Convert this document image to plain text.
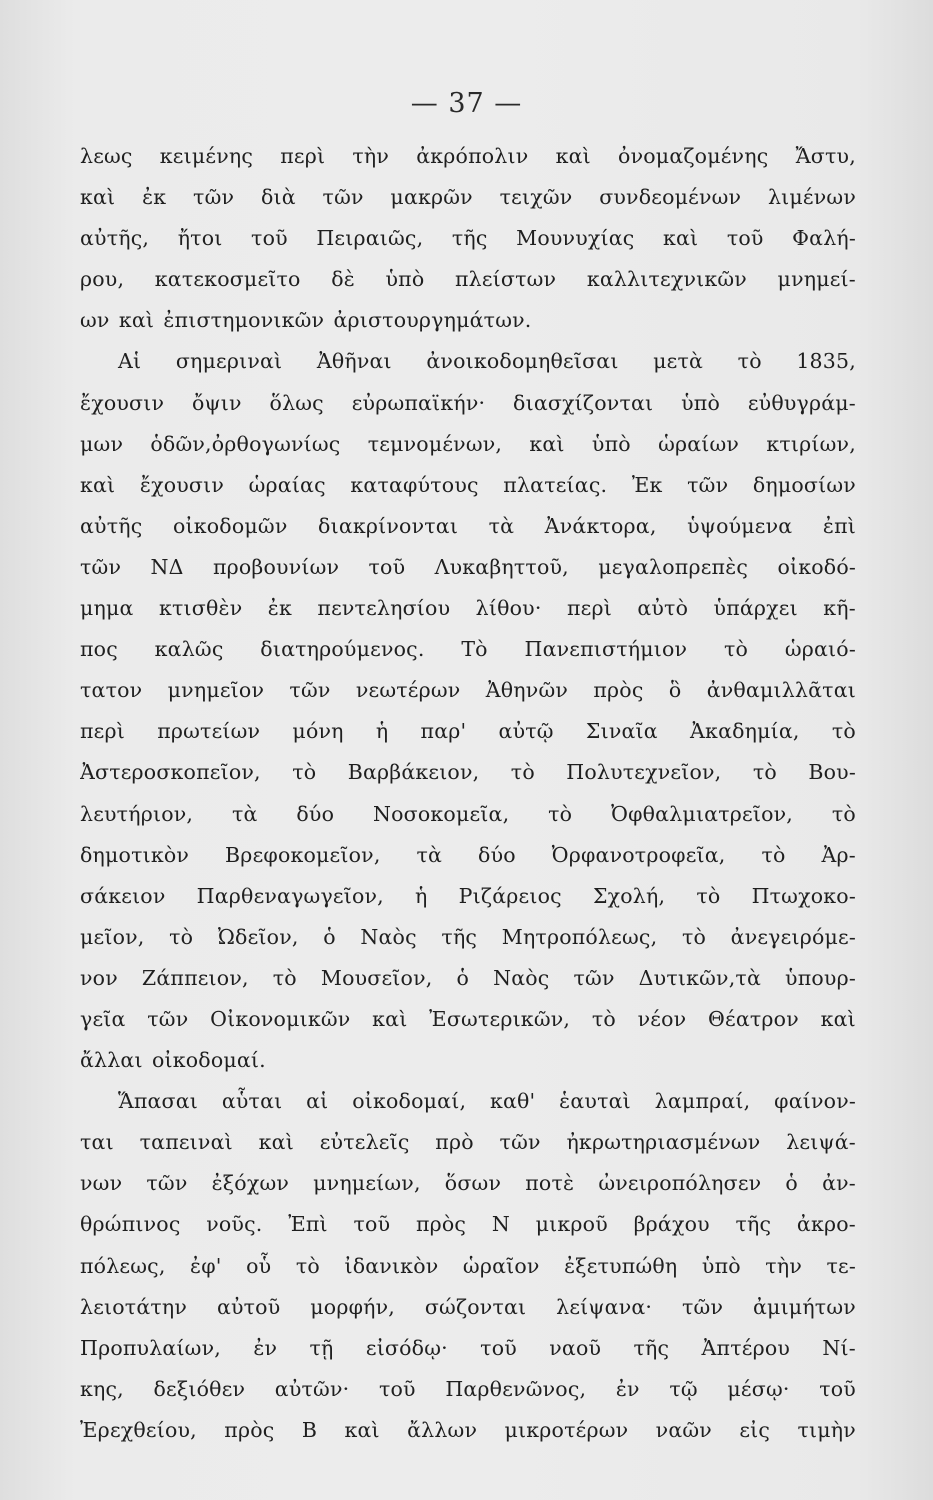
— 37 —
λεως κειμένης περὶ τὴν ἀκρόπολιν καὶ ὀνομαζομένης Ἄστυ,
καὶ ἐκ τῶν διὰ τῶν μακρῶν τειχῶν συνδεομένων λιμένων
αὐτῆς, ἤτοι τοῦ Πειραιῶς, τῆς Μουνυχίας καὶ τοῦ Φαλή-
ρου, κατεκοσμεῖτο δὲ ὑπὸ πλείστων καλλιτεχνικῶν μνημεί-
ων καὶ ἐπιστημονικῶν ἀριστουργημάτων.
Αἱ σημεριναὶ Ἀθῆναι ἀνοικοδομηθεῖσαι μετὰ τὸ 1835,
ἔχουσιν ὄψιν ὅλως εὐρωπαϊκήν· διασχίζονται ὑπὸ εὐθυγράμ-
μων ὁδῶν,ὀρθογωνίως τεμνομένων, καὶ ὑπὸ ὡραίων κτιρίων,
καὶ ἔχουσιν ὡραίας καταφύτους πλατείας. Ἐκ τῶν δημοσίων
αὐτῆς οἰκοδομῶν διακρίνονται τὰ Ἀνάκτορα, ὑψούμενα ἐπὶ
τῶν ΝΔ προβουνίων τοῦ Λυκαβηττοῦ, μεγαλοπρεπὲς οἰκοδό-
μημα κτισθὲν ἐκ πεντελησίου λίθου· περὶ αὐτὸ ὑπάρχει κῆ-
πος καλῶς διατηρούμενος. Τὸ Πανεπιστήμιον τὸ ὡραιό-
τατον μνημεῖον τῶν νεωτέρων Ἀθηνῶν πρὸς ὃ ἀνθαμιλλᾶται
περὶ πρωτείων μόνη ἡ παρ' αὐτῷ Σιναῖα Ἀκαδημία, τὸ
Ἀστεροσκοπεῖον, τὸ Βαρβάκειον, τὸ Πολυτεχνεῖον, τὸ Βου-
λευτήριον, τὰ δύο Νοσοκομεῖα, τὸ Ὀφθαλμιατρεῖον, τὸ
δημοτικὸν Βρεφοκομεῖον, τὰ δύο Ὀρφανοτροφεῖα, τὸ Ἀρ-
σάκειον Παρθεναγωγεῖον, ἡ Ριζάρειος Σχολή, τὸ Πτωχοκο-
μεῖον, τὸ Ὠδεῖον, ὁ Ναὸς τῆς Μητροπόλεως, τὸ ἀνεγειρόμε-
νον Ζάππειον, τὸ Μουσεῖον, ὁ Ναὸς τῶν Δυτικῶν,τὰ ὑπουρ-
γεῖα τῶν Οἰκονομικῶν καὶ Ἐσωτερικῶν, τὸ νέον Θέατρον καὶ
ἄλλαι οἰκοδομαί.
Ἅπασαι αὗται αἱ οἰκοδομαί, καθ' ἑαυταὶ λαμπραί, φαίνον-
ται ταπειναὶ καὶ εὐτελεῖς πρὸ τῶν ἠκρωτηριασμένων λειψά-
νων τῶν ἐξόχων μνημείων, ὅσων ποτὲ ὠνειροπόλησεν ὁ ἀν-
θρώπινος νοῦς. Ἐπὶ τοῦ πρὸς Ν μικροῦ βράχου τῆς ἀκρο-
πόλεως, ἐφ' οὗ τὸ ἰδανικὸν ὡραῖον ἐξετυπώθη ὑπὸ τὴν τε-
λειοτάτην αὐτοῦ μορφήν, σώζονται λείψανα· τῶν ἀμιμήτων
Προπυλαίων, ἐν τῇ εἰσόδῳ· τοῦ ναοῦ τῆς Ἀπτέρου Νί-
κης, δεξιόθεν αὐτῶν· τοῦ Παρθενῶνος, ἐν τῷ μέσῳ· τοῦ
Ἐρεχθείου, πρὸς Β καὶ ἄλλων μικροτέρων ναῶν εἰς τιμὴν
